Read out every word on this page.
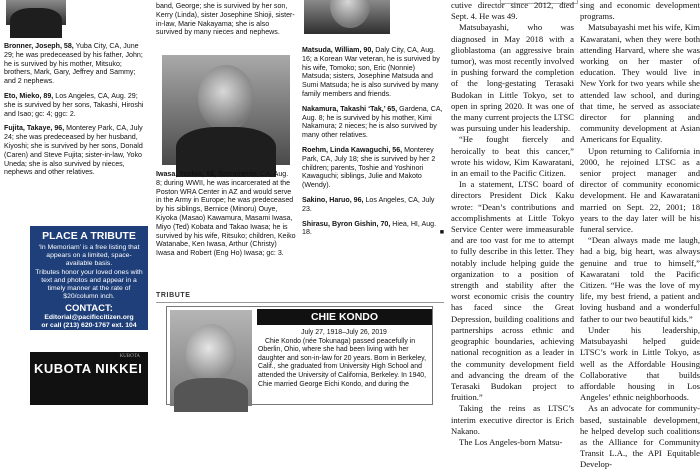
Bronner, Joseph, 58, Yuba City, CA, June 29; he was predeceased by his father, John; he is survived by his mother, Mitsuko; brothers, Mark, Gary, Jeffrey and Sammy; and 2 nephews.
Eto, Mieko, 89, Los Angeles, CA, Aug. 29; she is survived by her sons, Takashi, Hiroshi and Isao; gc: 4; ggc: 2.
Fujita, Takaye, 96, Monterey Park, CA, July 24; she was predeceased by her husband, Kiyoshi; she is survived by her sons, Donald (Caren) and Steve Fujita; sister-in-law, Yoko Uneda; she is also survived by nieces, nephews and other relatives.
PLACE A TRIBUTE

‘In Memoriam’ is a free listing that appears on a limited, space-available basis.

Tributes honor your loved ones with text and photos and appear in a timely manner at the rate of $20/column inch.

CONTACT:

Editorial@pacificcitizen.org

or call (213) 620-1767 ext. 104

KUBOTA
KUBOTA NIKKEI
band, George; she is survived by her son, Kerry (Linda), sister Josephine Shioji, sister-in-law, Marie Nakayama; she is also survived by many nieces and nephews.
Iwasa, Yoshio, 92, Sacramento, CA, Aug. 8; during WWII, he was incarcerated at the Poston WRA Center in AZ and would serve in the Army in Europe; he was predeceased by his siblings, Bernice (Minoru) Ouye, Kiyoka (Masao) Kawamura, Masami Iwasa, Miyo (Ted) Kobata and Takao Iwasa; he is survived by his wife, Ritsuko; children, Keiko Watanabe, Ken Iwasa, Arthur (Christy) Iwasa and Robert (Eng Ho) Iwasa; gc: 3.
Matsuda, William, 90, Daly City, CA, Aug. 16; a Korean War veteran, he is survived by his wife, Tomoko; son, Eric (Nonnie) Matsuda; sisters, Josephine Matsuda and Sumi Matsuda; he is also survived by many family members and friends.
Nakamura, Takashi ‘Tak,’ 65, Gardena, CA, Aug. 8; he is survived by his mother, Kimi Nakamura; 2 nieces; he is also survived by many other relatives.
Roehm, Linda Kawaguchi, 56, Monterey Park, CA, July 18; she is survived by her 2 children; parents, Toshie and Yoshinori Kawaguchi; siblings, Julie and Makoto (Wendy).
Sakino, Haruo, 96, Los Angeles, CA, July 23.
Shirasu, Byron Gishin, 70, Hiea, HI, Aug. 18.	■
TRIBUTE
CHIE KONDO

July 27, 1918–July 26, 2019

Chie Kondo (née Tokunaga) passed peacefully in Oberlin, Ohio, where she had been living with her daughter and son-in-law for 20 years. Born in Berkeley, Calif., she graduated from University High School and attended the University of California, Berkeley. In 1940, Chie married George Eichi Kondo, and during the

cutive director since 2012, died Sept. 4. He was 49.

Matsubayashi, who was diagnosed in May 2018 with a glioblastoma (an aggressive brain tumor), was most recently involved in pushing forward the completion of the long-gestating Terasaki Budokan in Little Tokyo, set to open in spring 2020. It was one of the many current projects the LTSC was pursuing under his leadership.

“He fought fiercely and heroically to beat this cancer,” wrote his widow, Kim Kawaratani, in an email to the Pacific Citizen.

In a statement, LTSC board of directors President Dick Kaku wrote: “Dean’s contributions and accomplishments at Little Tokyo Service Center were immeasurable and are too vast for me to attempt to fully describe in this letter. They notably include helping guide the organization to a position of strength and stability after the worst economic crisis the country has faced since the Great Depression, building coalitions and partnerships across ethnic and geographic boundaries, achieving national recognition as a leader in the community development field and advancing the dream of the Terasaki Budokan project to fruition.”

Taking the reins as LTSC’s interim executive director is Erich Nakano.

The Los Angeles-born Matsu-

sing and economic development programs.

Matsubayashi met his wife, Kim Kawaratani, when they were both attending Harvard, where she was working on her master of education. They would live in New York for two years while she attended law school, and during that time, he served as associate director for planning and community development at Asian Americans for Equality.

Upon returning to California in 2000, he rejoined LTSC as a senior project manager and director of community economic development. He and Kawaratani married on Sept. 22, 2001; 18 years to the day later will be his funeral service.

“Dean always made me laugh, had a big, big heart, was always genuine and true to himself,” Kawaratani told the Pacific Citizen. “He was the love of my life, my best friend, a patient and loving husband and a wonderful father to our two beautiful kids.”

Under his leadership, Matsubayashi helped guide LTSC’s work in Little Tokyo, as well as the Affordable Housing Collaborative that builds affordable housing in Los Angeles’ ethnic neighborhoods.

As an advocate for community-based, sustainable development, he helped develop such coalitions as the Alliance for Community Transit L.A., the API Equitable Develop-
